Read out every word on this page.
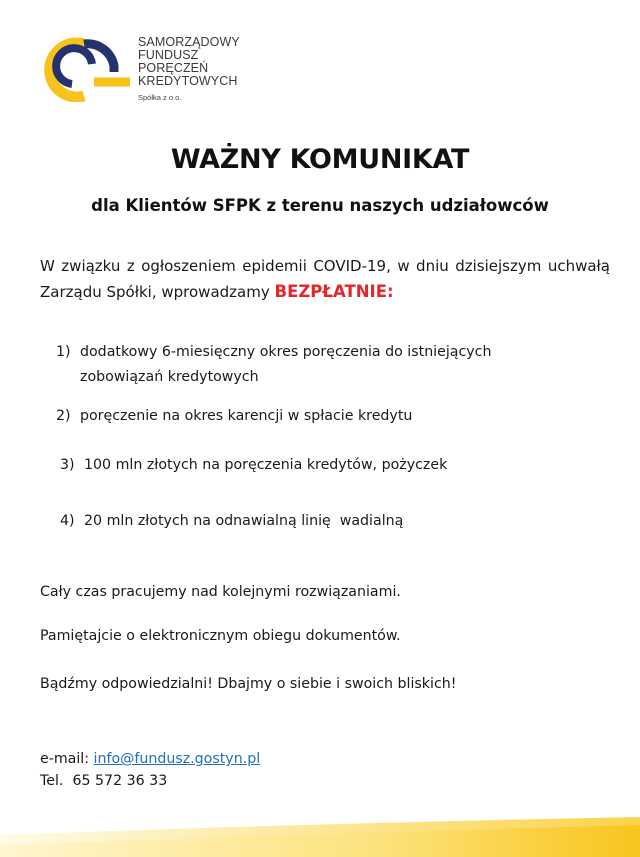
SAMORZĄDOWY
FUNDUSZ
PORĘCZEŃ
KREDYTOWYCH
Spółka z o.o.
WAŻNY KOMUNIKAT
dla Klientów SFPK z terenu naszych udziałowców
W związku z ogłoszeniem epidemii COVID-19, w dniu dzisiejszym uchwałą Zarządu Spółki, wprowadzamy BEZPŁATNIE:
1) dodatkowy 6-miesięczny okres poręczenia do istniejących
zobowiązań kredytowych
2) poręczenie na okres karencji w spłacie kredytu
3) 100 mln złotych na poręczenia kredytów, pożyczek
4) 20 mln złotych na odnawialną linię  wadialną
Cały czas pracujemy nad kolejnymi rozwiązaniami.
Pamiętajcie o elektronicznym obiegu dokumentów.
Bądźmy odpowiedzialni! Dbajmy o siebie i swoich bliskich!
e-mail: info@fundusz.gostyn.pl
Tel. 65 572 36 33
